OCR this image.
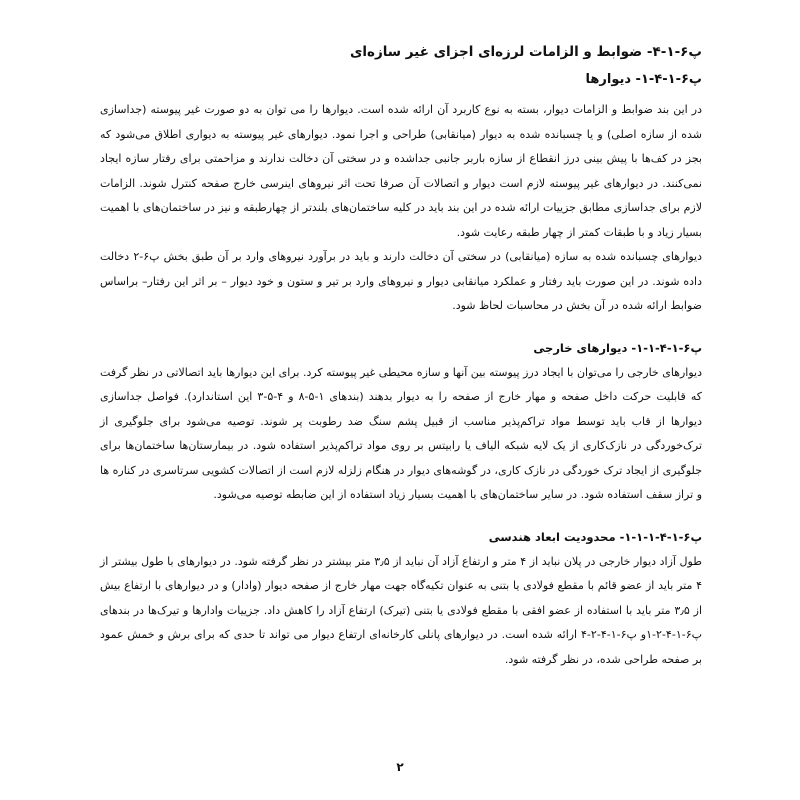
پ۶-۱-۴- ضوابط و الزامات لرزه‌ای اجزای غیر سازه‌ای
پ۶-۱-۴-۱- دیوارها

در این بند ضوابط و الزامات دیوار، بسته به نوع کاربرد آن ارائه شده است. دیوارها را می توان به دو صورت غیر پیوسته (جداسازی شده از سازه اصلی) و یا چسبانده شده به دیوار (میانقابی) طراحی و اجرا نمود. دیوارهای غیر پیوسته به دیواری اطلاق می‌شود که بجز در کف‌ها با پیش بینی درز انقطاع از سازه باربر جانبی جداشده و در سختی آن دخالت ندارند و مزاحمتی برای رفتار سازه ایجاد نمی‌کنند. در دیوارهای غیر پیوسته لازم است دیوار و اتصالات آن صرفا تحت اثر نیروهای اینرسی خارج صفحه کنترل شوند. الزامات لازم برای جداسازی مطابق جزییات ارائه شده در این بند باید در کلیه ساختمان‌های بلندتر از چهارطبقه و نیز در ساختمان‌های با اهمیت بسیار زیاد و با طبقات کمتر از چهار طبقه رعایت شود.

دیوارهای چسبانده شده به سازه (میانقابی) در سختی آن دخالت دارند و باید در برآورد نیروهای وارد بر آن طبق بخش پ۶-۲ دخالت داده شوند. در این صورت باید رفتار و عملکرد میانقابی دیوار و نیروهای وارد بر تیر و ستون و خود دیوار – بر اثر این رفتار– براساس ضوابط ارائه شده در آن بخش در محاسبات لحاظ شود.

پ۶-۱-۴-۱-۱- دیوارهای خارجی

دیوارهای خارجی را می‌توان با ایجاد درز پیوسته بین آنها و سازه محیطی غیر پیوسته کرد. برای این دیوارها باید اتصالاتی در نظر گرفت که قابلیت حرکت داخل صفحه و مهار خارج از صفحه را به دیوار بدهند (بندهای ۱-۵-۸ و ۴-۵-۳ این استاندارد). فواصل جداسازی دیوارها از قاب باید توسط مواد تراکم‌پذیر مناسب از قبیل پشم سنگ ضد رطوبت پر شوند. توصیه می‌شود برای جلوگیری از ترک‌خوردگی در نازک‌کاری از یک لایه شبکه الیاف یا رابیتس بر روی مواد تراکم‌پذیر استفاده شود. در بیمارستان‌ها ساختمان‌ها برای جلوگیری از ایجاد ترک خوردگی در نازک کاری، در گوشه‌های دیوار در هنگام زلزله لازم است از اتصالات کشویی سرتاسری در کناره ها و تراز سقف استفاده شود. در سایر ساختمان‌های با اهمیت بسیار زیاد استفاده از این ضابطه توصیه می‌شود.

پ۶-۱-۴-۱-۱-۱- محدودیت ابعاد هندسی

طول آزاد دیوار خارجی در پلان نباید از ۴ متر و ارتفاع آزاد آن نباید از ۳٫۵ متر بیشتر در نظر گرفته شود. در دیوارهای با طول بیشتر از ۴ متر باید از عضو قائم با مقطع فولادی یا بتنی به عنوان تکیه‌گاه جهت مهار خارج از صفحه دیوار (وادار) و در دیوارهای با ارتفاع بیش از ۳٫۵ متر باید با استفاده از عضو افقی با مقطع فولادی یا بتنی (تیرک) ارتفاع آزاد را کاهش داد. جزییات وادارها و تیرک‌ها در بندهای پ۶-۱-۴-۲-۱و پ۶-۱-۴-۲-۴ ارائه شده است. در دیوارهای پانلی کارخانه‌ای ارتفاع دیوار می تواند تا حدی که برای برش و خمش عمود بر صفحه طراحی شده، در نظر گرفته شود.

۲
